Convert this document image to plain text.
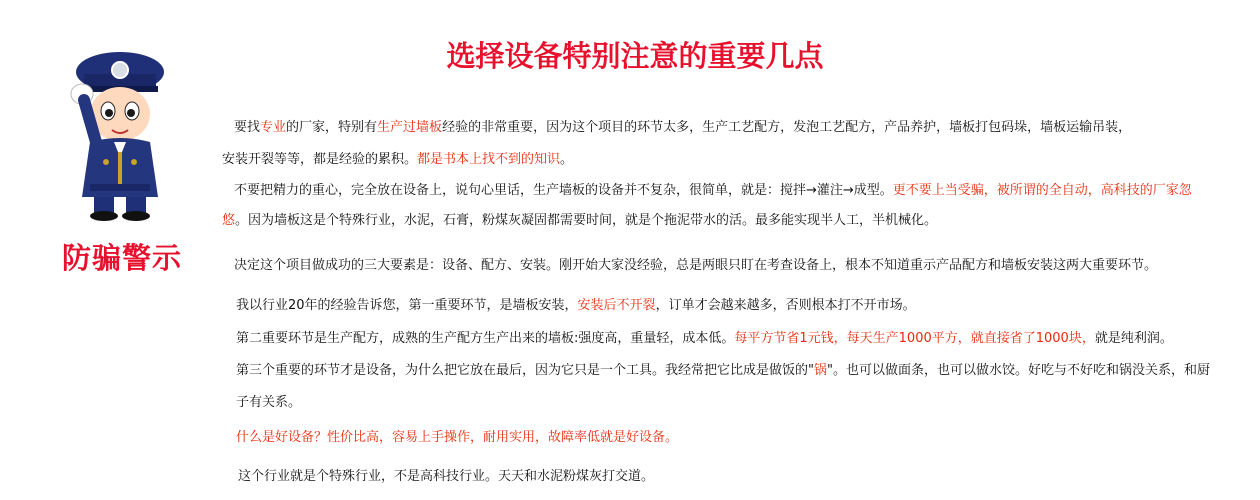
防骗警示
选择设备特别注意的重要几点
要找专业的厂家，特别有生产过墙板经验的非常重要，因为这个项目的环节太多，生产工艺配方，发泡工艺配方，产品养护，墙板打包码垛，墙板运输吊装，
安装开裂等等，都是经验的累积。都是书本上找不到的知识。
不要把精力的重心，完全放在设备上，说句心里话，生产墙板的设备并不复杂，很简单，就是：搅拌→灌注→成型。更不要上当受骗，被所谓的全自动，高科技的厂家忽
悠。因为墙板这是个特殊行业，水泥，石膏，粉煤灰凝固都需要时间，就是个拖泥带水的活。最多能实现半人工，半机械化。
决定这个项目做成功的三大要素是：设备、配方、安装。刚开始大家没经验，总是两眼只盯在考查设备上，根本不知道重示产品配方和墙板安装这两大重要环节。
我以行业20年的经验告诉您，第一重要环节，是墙板安装，安装后不开裂，订单才会越来越多，否则根本打不开市场。
第二重要环节是生产配方，成熟的生产配方生产出来的墙板:强度高，重量轻，成本低。每平方节省1元钱，每天生产1000平方，就直接省了1000块，就是纯利润。
第三个重要的环节才是设备，为什么把它放在最后，因为它只是一个工具。我经常把它比成是做饭的"锅"。也可以做面条，也可以做水饺。好吃与不好吃和锅没关系，和厨
子有关系。
什么是好设备？性价比高，容易上手操作，耐用实用，故障率低就是好设备。
这个行业就是个特殊行业，不是高科技行业。天天和水泥粉煤灰打交道。
